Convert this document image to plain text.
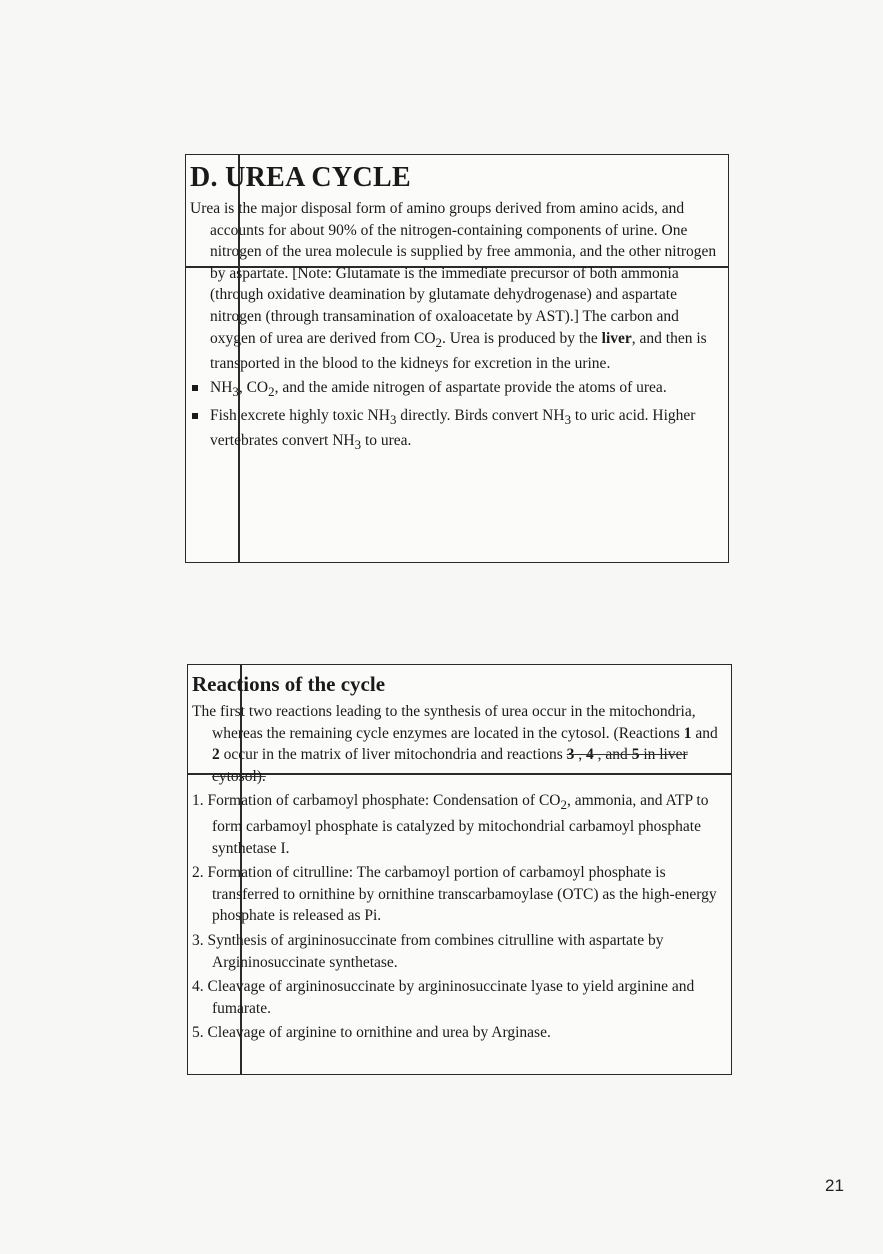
D. UREA CYCLE

Urea is the major disposal form of amino groups derived from amino acids, and accounts for about 90% of the nitrogen-containing components of urine. One nitrogen of the urea molecule is supplied by free ammonia, and the other nitrogen by aspartate. [Note: Glutamate is the immediate precursor of both ammonia (through oxidative deamination by glutamate dehydrogenase) and aspartate nitrogen (through transamination of oxaloacetate by AST).] The carbon and oxygen of urea are derived from $CO_2$. Urea is produced by the liver, and then is transported in the blood to the kidneys for excretion in the urine.

$NH_3$, $CO_2$, and the amide nitrogen of aspartate provide the atoms of urea.
Fish excrete highly toxic $NH_3$ directly. Birds convert $NH_3$ to uric acid. Higher vertebrates convert $NH_3$ to urea.
Reactions of the cycle

The first two reactions leading to the synthesis of urea occur in the mitochondria, whereas the remaining cycle enzymes are located in the cytosol. (Reactions 1 and 2 occur in the matrix of liver mitochondria and reactions 3 , 4 , and 5 in liver cytosol).

1. Formation of carbamoyl phosphate: Condensation of $CO_2$, ammonia, and ATP to form carbamoyl phosphate is catalyzed by mitochondrial carbamoyl phosphate synthetase I.
2. Formation of citrulline: The carbamoyl portion of carbamoyl phosphate is transferred to ornithine by ornithine transcarbamoylase (OTC) as the high-energy phosphate is released as Pi.
3. Synthesis of argininosuccinate from combines citrulline with aspartate by Argininosuccinate synthetase.
4. Cleavage of argininosuccinate by argininosuccinate lyase to yield arginine and fumarate.
5. Cleavage of arginine to ornithine and urea by Arginase.
21
